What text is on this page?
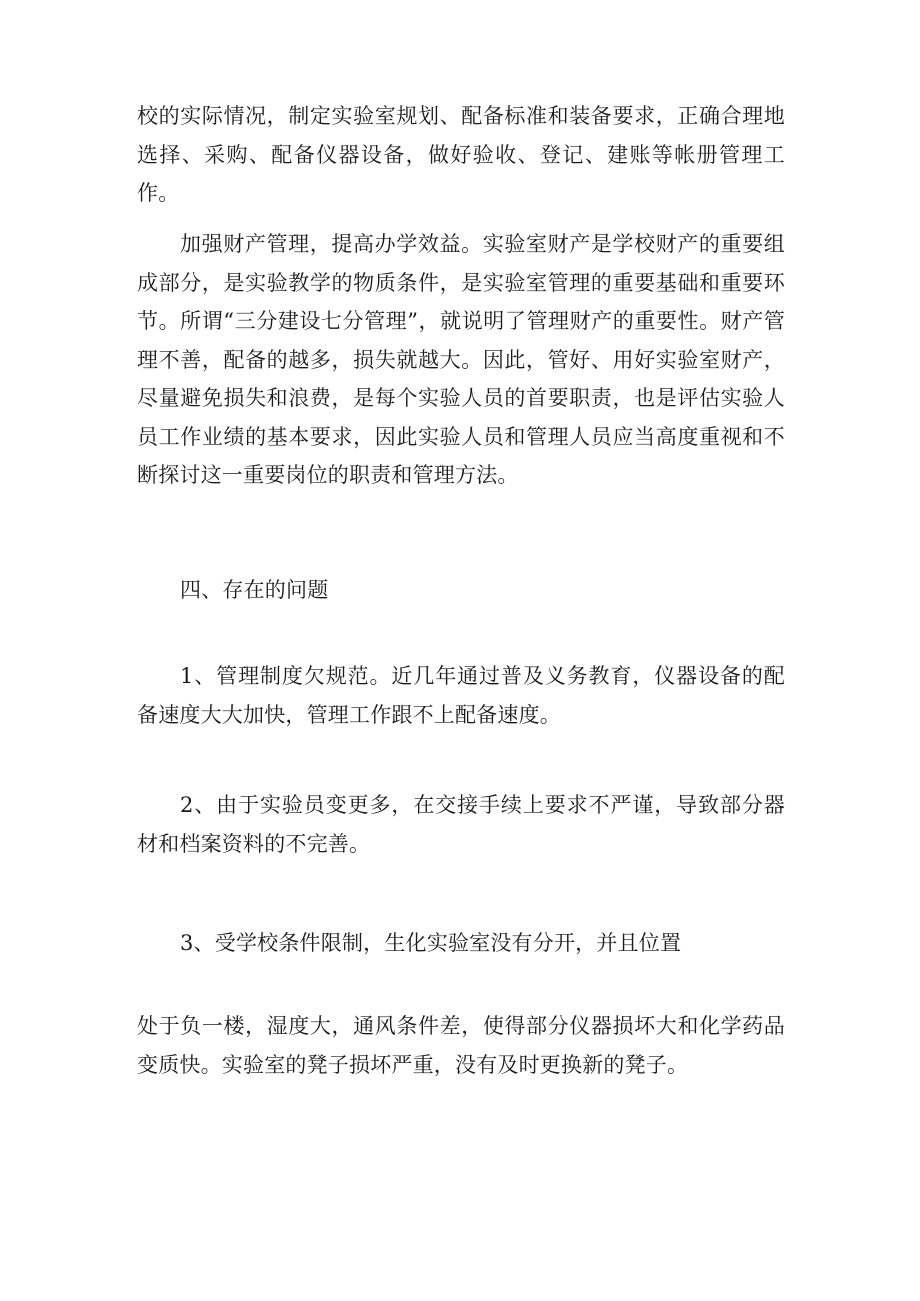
校的实际情况，制定实验室规划、配备标准和装备要求，正确合理地选择、采购、配备仪器设备，做好验收、登记、建账等帐册管理工作。

加强财产管理，提高办学效益。实验室财产是学校财产的重要组成部分，是实验教学的物质条件，是实验室管理的重要基础和重要环节。所谓“三分建设七分管理”，就说明了管理财产的重要性。财产管理不善，配备的越多，损失就越大。因此，管好、用好实验室财产，尽量避免损失和浪费，是每个实验人员的首要职责，也是评估实验人员工作业绩的基本要求，因此实验人员和管理人员应当高度重视和不断探讨这一重要岗位的职责和管理方法。

四、存在的问题

1、管理制度欠规范。近几年通过普及义务教育，仪器设备的配备速度大大加快，管理工作跟不上配备速度。

2、由于实验员变更多，在交接手续上要求不严谨，导致部分器材和档案资料的不完善。

3、受学校条件限制，生化实验室没有分开，并且位置

处于负一楼，湿度大，通风条件差，使得部分仪器损坏大和化学药品变质快。实验室的凳子损坏严重，没有及时更换新的凳子。
